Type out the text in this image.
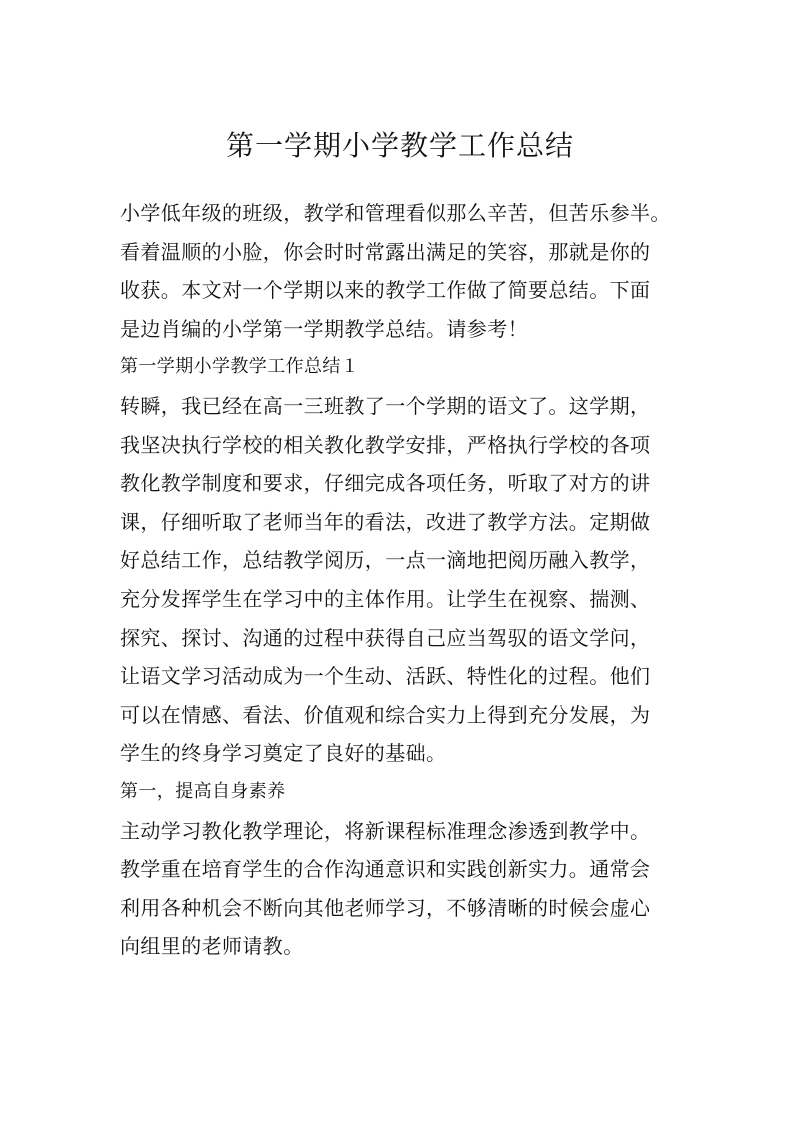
第一学期小学教学工作总结
小学低年级的班级，教学和管理看似那么辛苦，但苦乐参半。
看着温顺的小脸，你会时时常露出满足的笑容，那就是你的
收获。本文对一个学期以来的教学工作做了简要总结。下面
是边肖编的小学第一学期教学总结。请参考！
第一学期小学教学工作总结１
转瞬，我已经在高一三班教了一个学期的语文了。这学期，
我坚决执行学校的相关教化教学安排，严格执行学校的各项
教化教学制度和要求，仔细完成各项任务，听取了对方的讲
课，仔细听取了老师当年的看法，改进了教学方法。定期做
好总结工作，总结教学阅历，一点一滴地把阅历融入教学，
充分发挥学生在学习中的主体作用。让学生在视察、揣测、
探究、探讨、沟通的过程中获得自己应当驾驭的语文学问，
让语文学习活动成为一个生动、活跃、特性化的过程。他们
可以在情感、看法、价值观和综合实力上得到充分发展，为
学生的终身学习奠定了良好的基础。
第一，提高自身素养
主动学习教化教学理论，将新课程标准理念渗透到教学中。
教学重在培育学生的合作沟通意识和实践创新实力。通常会
利用各种机会不断向其他老师学习，不够清晰的时候会虚心
向组里的老师请教。
